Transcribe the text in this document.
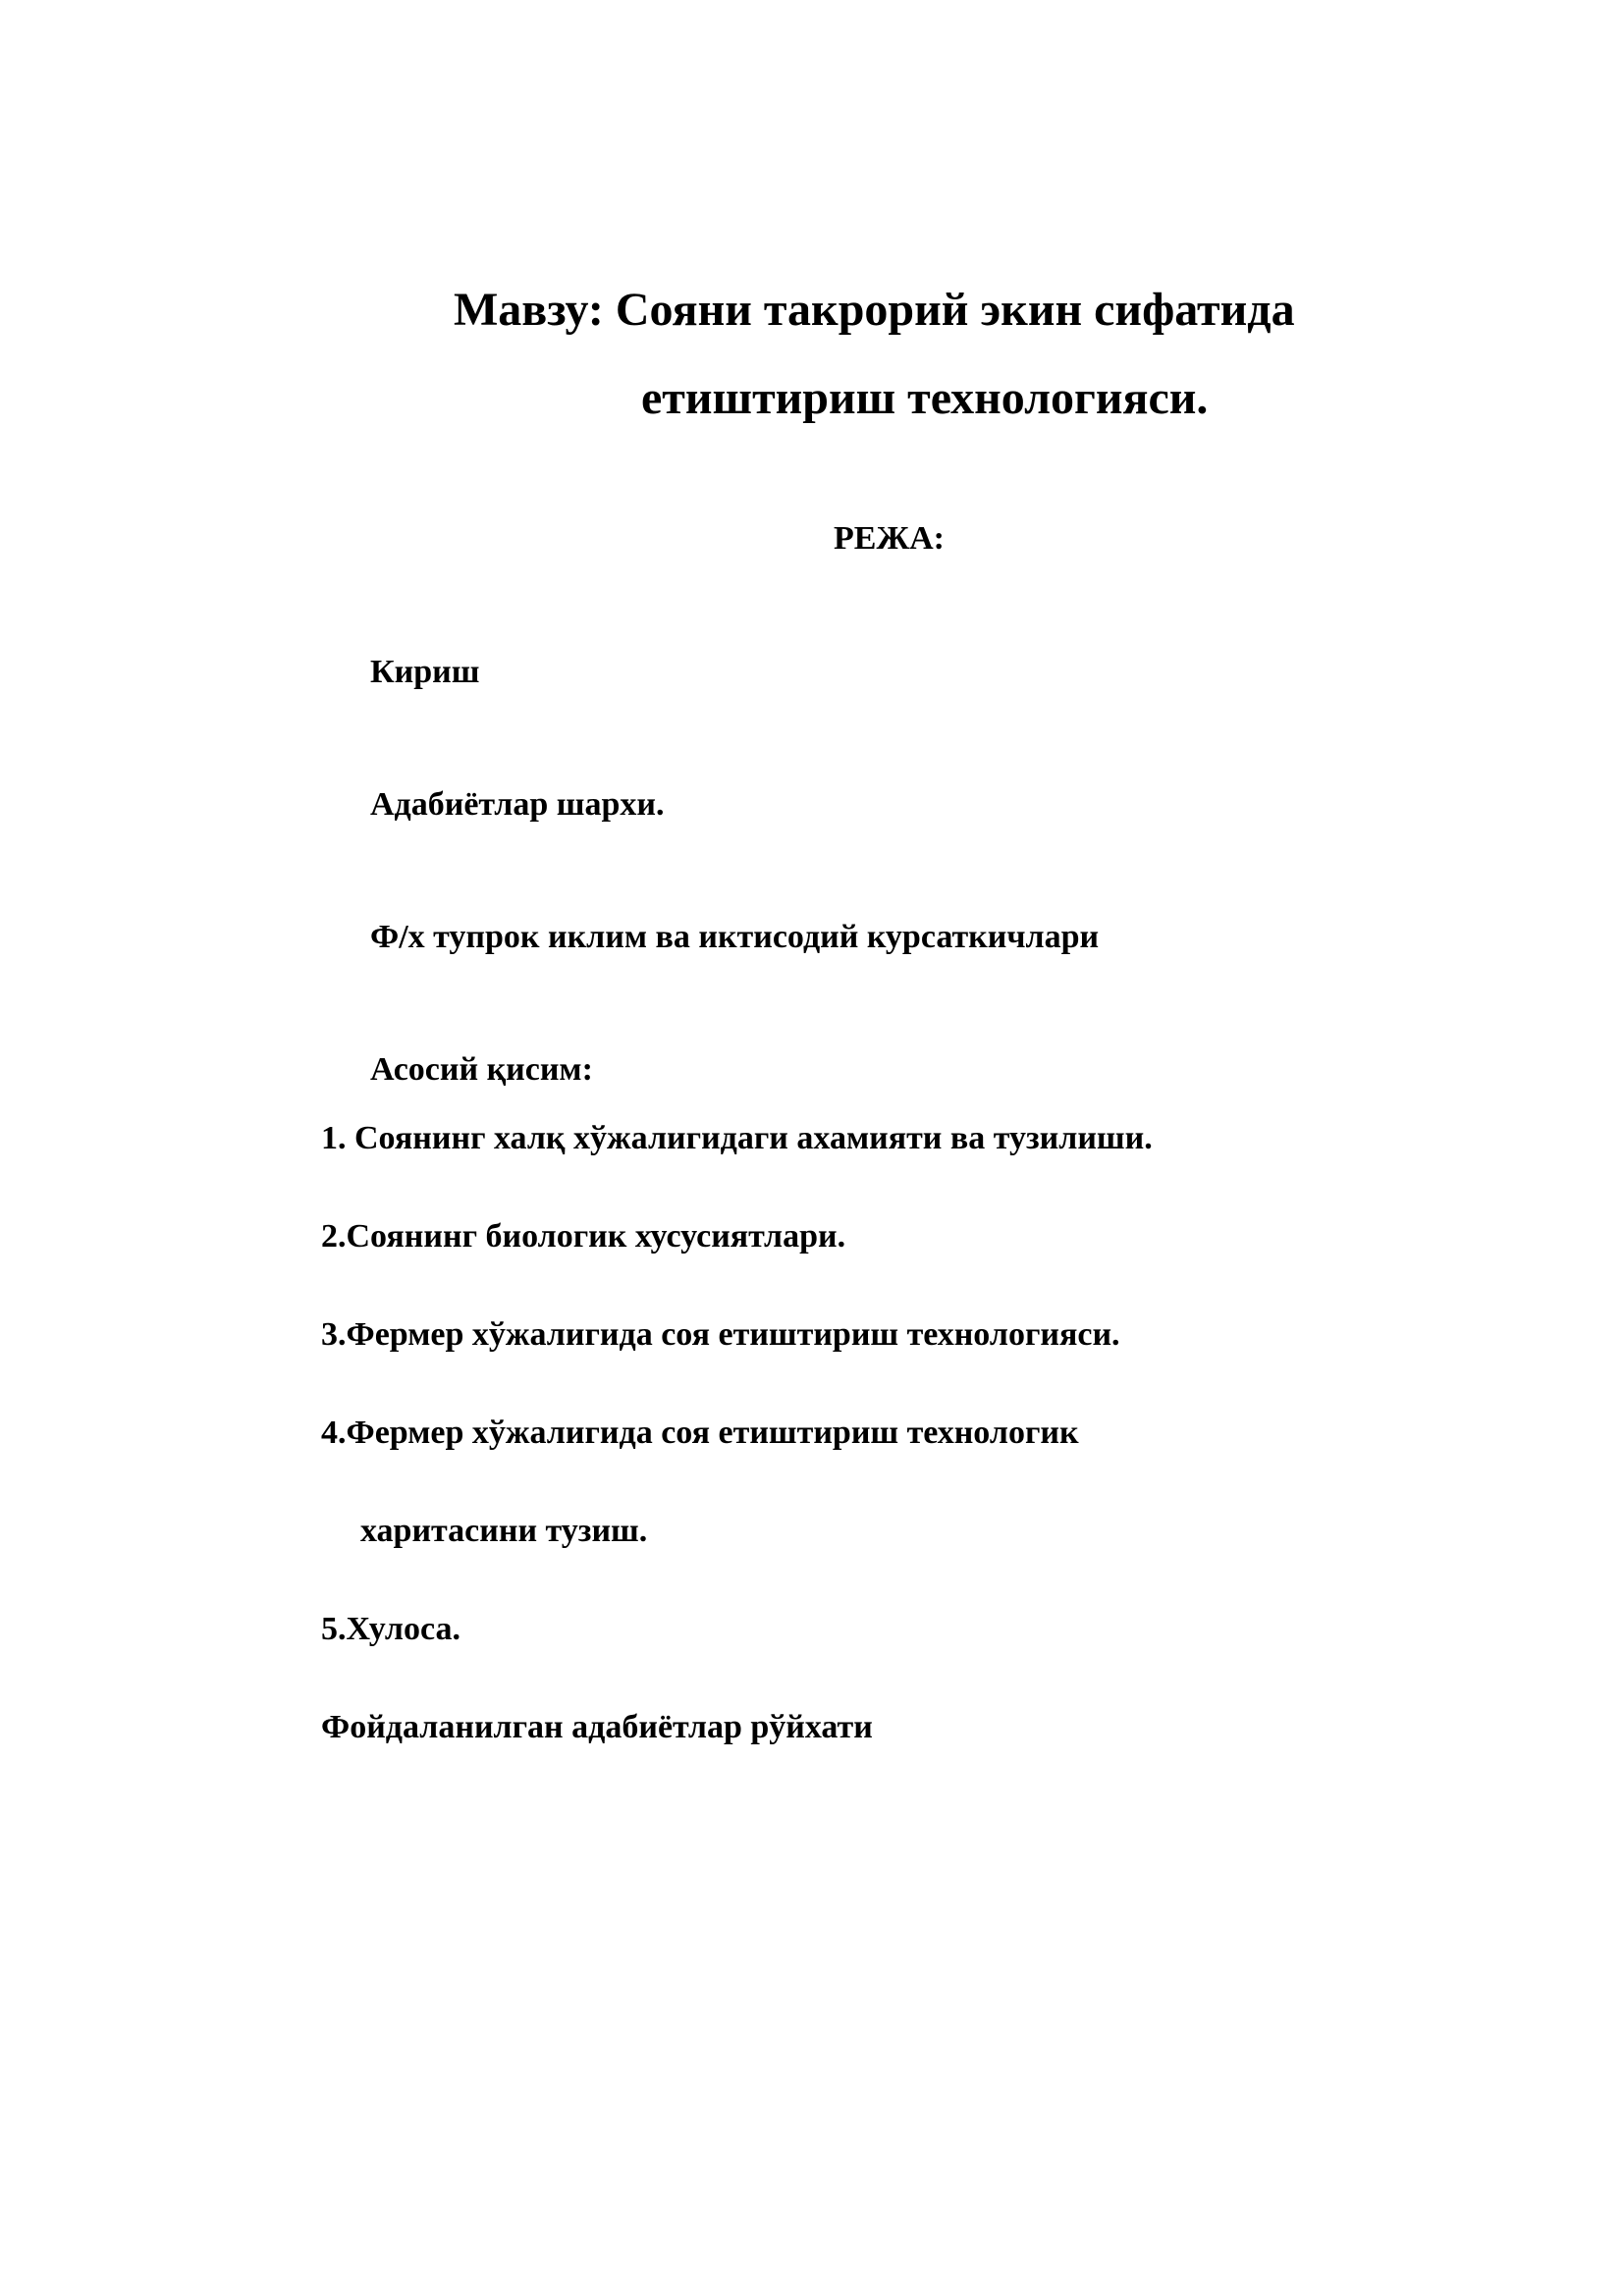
Мавзу: Сояни такрорий экин сифатида
етиштириш технологияси.
РЕЖА:
Кириш
Адабиётлар шархи.
Ф/х тупрок иклим ва иктисодий курсаткичлари
Асосий қисим:
1. Соянинг халқ хўжалигидаги ахамияти ва тузилиши.
2.Соянинг биологик хусусиятлари.
3.Фермер хўжалигида соя етиштириш технологияси.
4.Фермер хўжалигида соя етиштириш технологик
харитасини тузиш.
5.Хулоса.
Фойдаланилган адабиётлар рўйхати
